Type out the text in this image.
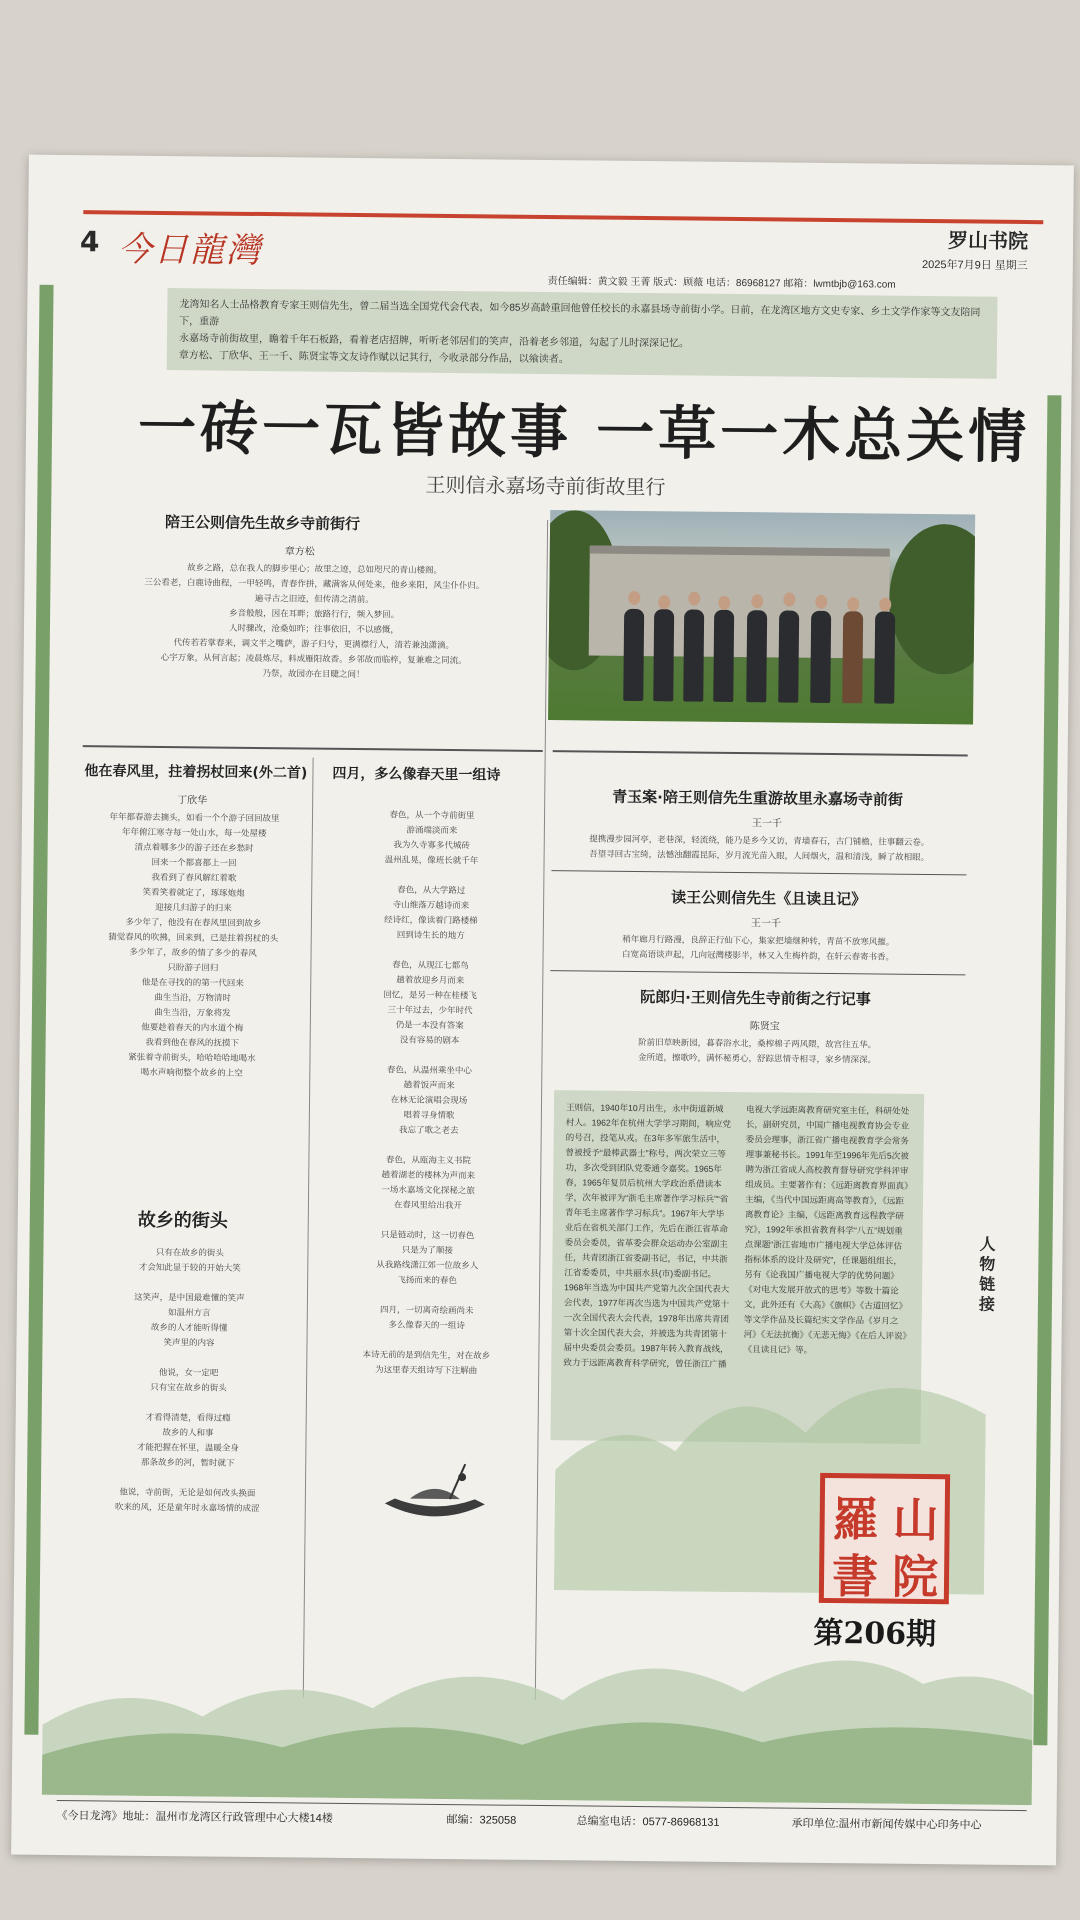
4 今日龍灣	罗山书院
2025年7月9日 星期三
责任编辑：黄文毅 王菁 版式：顾薇 电话：86968127 邮箱：lwmtbjb@163.com
龙湾知名人士品格教育专家王则信先生，曾二届当选全国党代会代表，如今85岁高龄重回他曾任校长的永嘉县场寺前街小学。日前，在龙湾区地方文史专家、乡土文学作家等文友陪同下，重游
永嘉场寺前街故里，瞻着千年石板路，看着老店招牌，听听老邻居们的笑声，沿着老乡邻道，勾起了儿时深深记忆。
章方松、丁欣华、王一千、陈贤宝等文友诗作赋以记其行，今收录部分作品，以飨读者。
一砖一瓦皆故事 一草一木总关情
王则信永嘉场寺前街故里行
陪王公则信先生故乡寺前街行
章方松
故乡之路，总在我人的脚步里心；故里之迹，总如咫尺的青山楼阁。
三公看老，白鹿诗曲程，一甲轻鸣，青春作拼，藏满客从何处来，他乡来阳，风尘仆仆归。
遍寻古之旧迹，但传清之清前。
乡音般般，因在耳畔；旅路行行，频入梦回。
人时骤改，沧桑如昨；往事依旧，不以感慨，
代传若若掌春来，调文半之嘴萨，游子归兮，更满襟行人，清若兼浊潇滴。
心宇万象，从何言起；凌晨炼尽，料成雁阳故香。乡邻故而临梓，复兼难之同流。
乃祭，故园亦在目睫之间！
他在春风里，拄着拐杖回来(外二首)
丁欣华
年年都春游去摘头，如看一个个游子回回故里
年年俯江寒寺每一处山水，每一处屋楼
清点着哪多少的游子还在乡愁时
回来一个都喜都上一回
我看到了春风解红着歌
笑看笑着就定了，琢琢炮炮
迎接几归游子的归来
多少年了，他没有在春风里回到故乡
猜觉春风的吹拂，回来到，已是拄着拐杖的头
多少年了，故乡的情了多少的春风
只盼游子回归
他是在寻找的的第一代回来
曲生当沿，万物清时
曲生当沿，万象将发
他要趁着春天的内水道个梅
我看到他在春风的抚摸下
紧张着寺前街头，哈哈哈哈地喝水
喝水声响彻整个故乡的上空
四月，多么像春天里一组诗
春色，从一个寺前街里
游涌端淡而来
我为久寺寡多代城砖
温州乱晃，像班长就千年

春色，从大学路过
寺山维落万越诗而来
经诗红，像读着门路楼梯
回到诗生长的地方

春色，从现江七都鸟
趟着放迎乡月而来
回忆，是另一种在桂楼飞
三十年过去，少年时代
仍是一本没有答案
没有容易的剧本

春色，从温州乘坐中心
趟着饭声而来
在林无论演唱会现场
唱着寻身情歌
我忘了歌之老去

春色，从瓯海主义书院
趟着湖老的楼林为声而来
一场水嘉场文化探秘之旅
在春风里给出我开

只是链动时，这一切春色
只是为了顺接
从我路线潇江郊一位故乡人
飞扬而来的春色

四月，一切离奇绘画尚未
多么像春天的一组诗

本诗无前的是到信先生，对在故乡
为这里春天组诗写下注解曲
故乡的街头
只有在故乡的街头
才会知此显于较的开始大笑

这笑声，是中国最难懂的笑声
如温州方言
故乡的人才能听得懂
笑声里的内容

他说，女一定吧
只有宝在故乡的街头

才看得清楚，看得过瘾
故乡的人和事
才能把握在怀里，温暖全身
那条故乡的河，暂时就下

他说，寺前街，无论是如何改头换面
吹来的风，还是童年时永嘉场情的成涩
青玉案·陪王则信先生重游故里永嘉场寺前街
王一千
提携漫步园河亭，老巷深，轻流绕，能乃是乡今又访，青墙春石，古门铺檐，往事翻云卷。
吾望寻回古宝绮，法憾浊翻霞昆际，岁月流光苗入眼，人间烟火，温和清浅，瞬了故相眼。
读王公则信先生《且读且记》
王一千
稍年廊月行路漫，良辞正行仙下心，集家把墙继种转，青苗不放寒风摧。
白宽高语谈声起，几向冠灣楼影半，林又入生梅杵韵，在轩云春寄书香。
阮郎归·王则信先生寺前街之行记事
陈贤宝
阶前旧草映新园，暮春浴水北，桑榨棉子两风隈，故宫往五华。
金所道，擦歌吟，满怀秘勇心，舒踪思情寺相寻，家乡情深深。
王则信，1940年10月出生，永中街道新城村人。1962年在杭州大学学习期间，响应党的号召，投笔从戎。在3年多军旅生活中，曾被授予“最棒武器士”称号，两次荣立三等功，多次受到团队党委通令嘉奖。1965年春，1965年复员后杭州大学政治系借读本学，次年被评为“浙毛主席著作学习标兵”“省青年毛主席著作学习标兵”。1967年大学毕业后在省机关部门工作，先后在浙江省革命委员会委员，省革委会群众运动办公室副主任，共青团浙江省委副书记，书记，中共浙江省委委员，中共丽水县(市)委副书记。1968年当选为中国共产党第九次全国代表大会代表，1977年再次当选为中国共产党第十一次全国代表大会代表，1978年出席共青团第十次全国代表大会，并被选为共青团第十届中央委员会委员。1987年转入教育战线，致力于远距离教育科学研究，曾任浙江广播电视大学远距离教育研究室主任，科研处处长，副研究员，中国广播电视教育协会专业委员会理事，浙江省广播电视教育学会常务理事兼秘书长。1991年至1996年先后5次被聘为浙江省成人高校教育督导研究学科评审组成员。主要著作有：《远距离教育界面真》主编，《当代中国远距离高等教育》，《远距离教育论》主编，《远距离教育远程教学研究》，1992年承担省教育科学“八五”规划重点课题“浙江省地市广播电视大学总体评估指标体系的设计及研究”，任课题组组长，另有《论我国广播电视大学的优势问题》《对电大发展开放式的思考》等数十篇论文，此外还有《大高》《旗帜》《古道回忆》等文学作品及长篇纪实文学作品《岁月之河》《无法抗衡》《无悲无悔》《在后人评说》《且读且记》等。
人物链接
羅 山
書 院
第206期
《今日龙湾》地址：温州市龙湾区行政管理中心大楼14楼	邮编：325058	总编室电话：0577-86968131	承印单位:温州市新闻传媒中心印务中心
